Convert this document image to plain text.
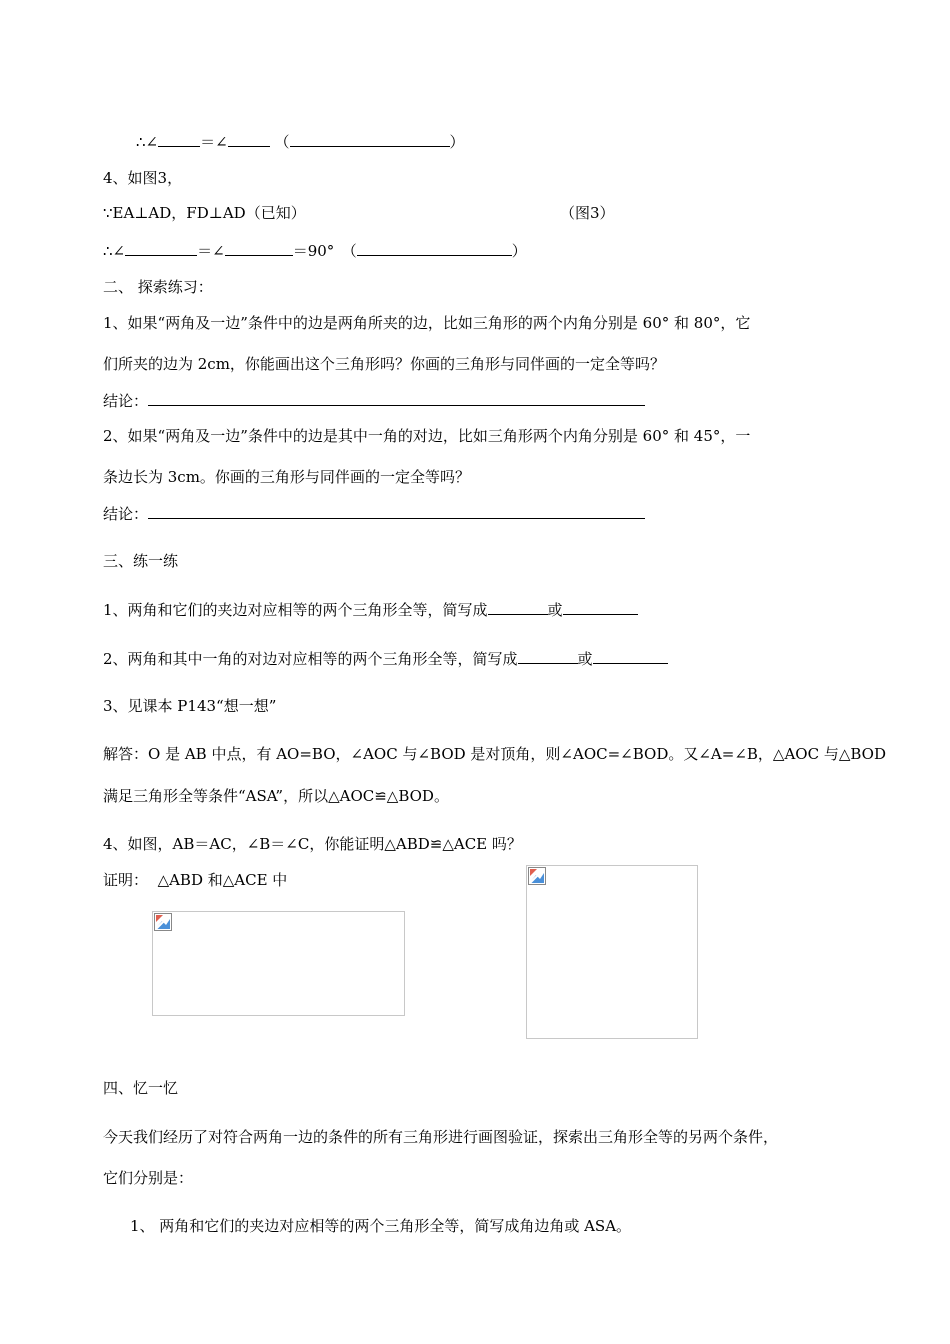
∴∠	＝∠	（	）
4、如图3，
∵EA⊥AD，FD⊥AD（已知）	（图3）
∴∠	＝∠	＝90°　（	）
二、 探索练习：
1、如果“两角及一边”条件中的边是两角所夹的边，比如三角形的两个内角分别是 60° 和 80°，它
们所夹的边为 2cm，你能画出这个三角形吗？你画的三角形与同伴画的一定全等吗？
结论：
2、如果“两角及一边”条件中的边是其中一角的对边，比如三角形两个内角分别是 60° 和 45°，一
条边长为 3cm。你画的三角形与同伴画的一定全等吗？
结论：
三、练一练
1、两角和它们的夹边对应相等的两个三角形全等，简写成	或
2、两角和其中一角的对边对应相等的两个三角形全等，简写成	或
3、见课本 P143“想一想”
解答：O 是 AB 中点，有 AO=BO，∠AOC 与∠BOD 是对顶角，则∠AOC=∠BOD。又∠A=∠B，△AOC 与△BOD
满足三角形全等条件“ASA”，所以△AOC≌△BOD。
4、如图，AB＝AC，∠B＝∠C，你能证明△ABD≌△ACE 吗？
证明： △ABD 和△ACE 中
四、忆一忆
今天我们经历了对符合两角一边的条件的所有三角形进行画图验证，探索出三角形全等的另两个条件，
它们分别是：
1、 两角和它们的夹边对应相等的两个三角形全等，简写成角边角或 ASA。
